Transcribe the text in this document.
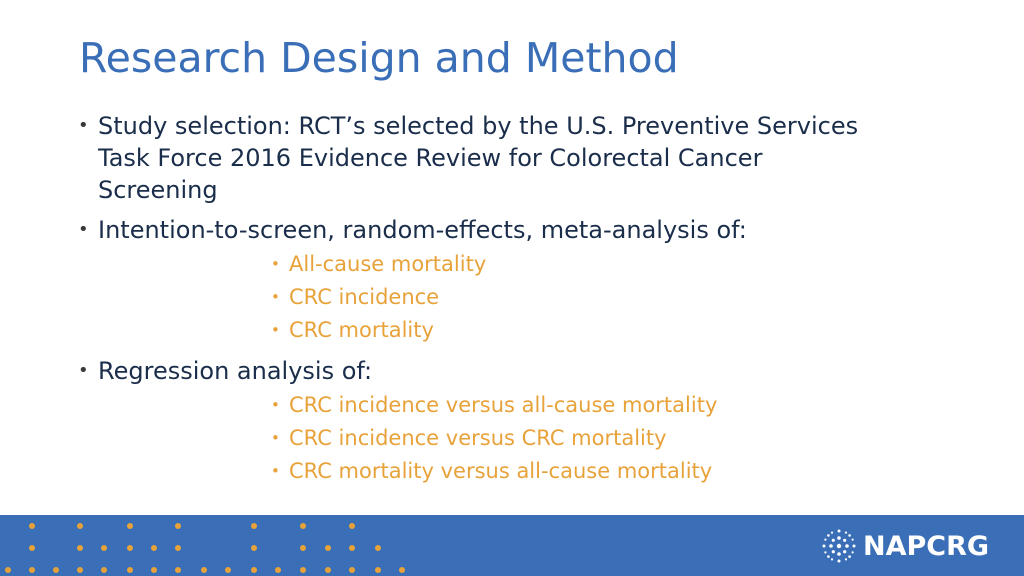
Research Design and Method
• Study selection: RCT’s selected by the U.S. Preventive Services
Task Force 2016 Evidence Review for Colorectal Cancer
Screening
• Intention-to-screen, random-effects, meta-analysis of:
• All-cause mortality
• CRC incidence
• CRC mortality
• Regression analysis of:
• CRC incidence versus all-cause mortality
• CRC incidence versus CRC mortality
• CRC mortality versus all-cause mortality
NAPCRG
